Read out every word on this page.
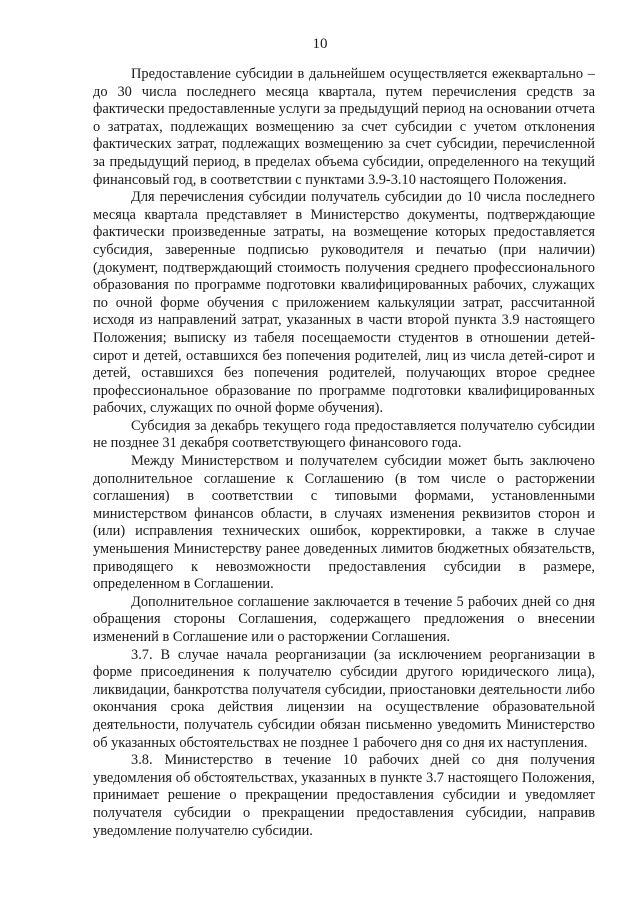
10

Предоставление субсидии в дальнейшем осуществляется ежеквартально – до 30 числа последнего месяца квартала, путем перечисления средств за фактически предоставленные услуги за предыдущий период на основании отчета о затратах, подлежащих возмещению за счет субсидии с учетом отклонения фактических затрат, подлежащих возмещению за счет субсидии, перечисленной за предыдущий период, в пределах объема субсидии, определенного на текущий финансовый год, в соответствии с пунктами 3.9-3.10 настоящего Положения.

Для перечисления субсидии получатель субсидии до 10 числа последнего месяца квартала представляет в Министерство документы, подтверждающие фактически произведенные затраты, на возмещение которых предоставляется субсидия, заверенные подписью руководителя и печатью (при наличии) (документ, подтверждающий стоимость получения среднего профессионального образования по программе подготовки квалифицированных рабочих, служащих по очной форме обучения с приложением калькуляции затрат, рассчитанной исходя из направлений затрат, указанных в части второй пункта 3.9 настоящего Положения; выписку из табеля посещаемости студентов в отношении детей-сирот и детей, оставшихся без попечения родителей, лиц из числа детей-сирот и детей, оставшихся без попечения родителей, получающих второе среднее профессиональное образование по программе подготовки квалифицированных рабочих, служащих по очной форме обучения).

Субсидия за декабрь текущего года предоставляется получателю субсидии не позднее 31 декабря соответствующего финансового года.

Между Министерством и получателем субсидии может быть заключено дополнительное соглашение к Соглашению (в том числе о расторжении соглашения) в соответствии с типовыми формами, установленными министерством финансов области, в случаях изменения реквизитов сторон и (или) исправления технических ошибок, корректировки, а также в случае уменьшения Министерству ранее доведенных лимитов бюджетных обязательств, приводящего к невозможности предоставления субсидии в размере, определенном в Соглашении.

Дополнительное соглашение заключается в течение 5 рабочих дней со дня обращения стороны Соглашения, содержащего предложения о внесении изменений в Соглашение или о расторжении Соглашения.

3.7. В случае начала реорганизации (за исключением реорганизации в форме присоединения к получателю субсидии другого юридического лица), ликвидации, банкротства получателя субсидии, приостановки деятельности либо окончания срока действия лицензии на осуществление образовательной деятельности, получатель субсидии обязан письменно уведомить Министерство об указанных обстоятельствах не позднее 1 рабочего дня со дня их наступления.

3.8. Министерство в течение 10 рабочих дней со дня получения уведомления об обстоятельствах, указанных в пункте 3.7 настоящего Положения, принимает решение о прекращении предоставления субсидии и уведомляет получателя субсидии о прекращении предоставления субсидии, направив уведомление получателю субсидии.
